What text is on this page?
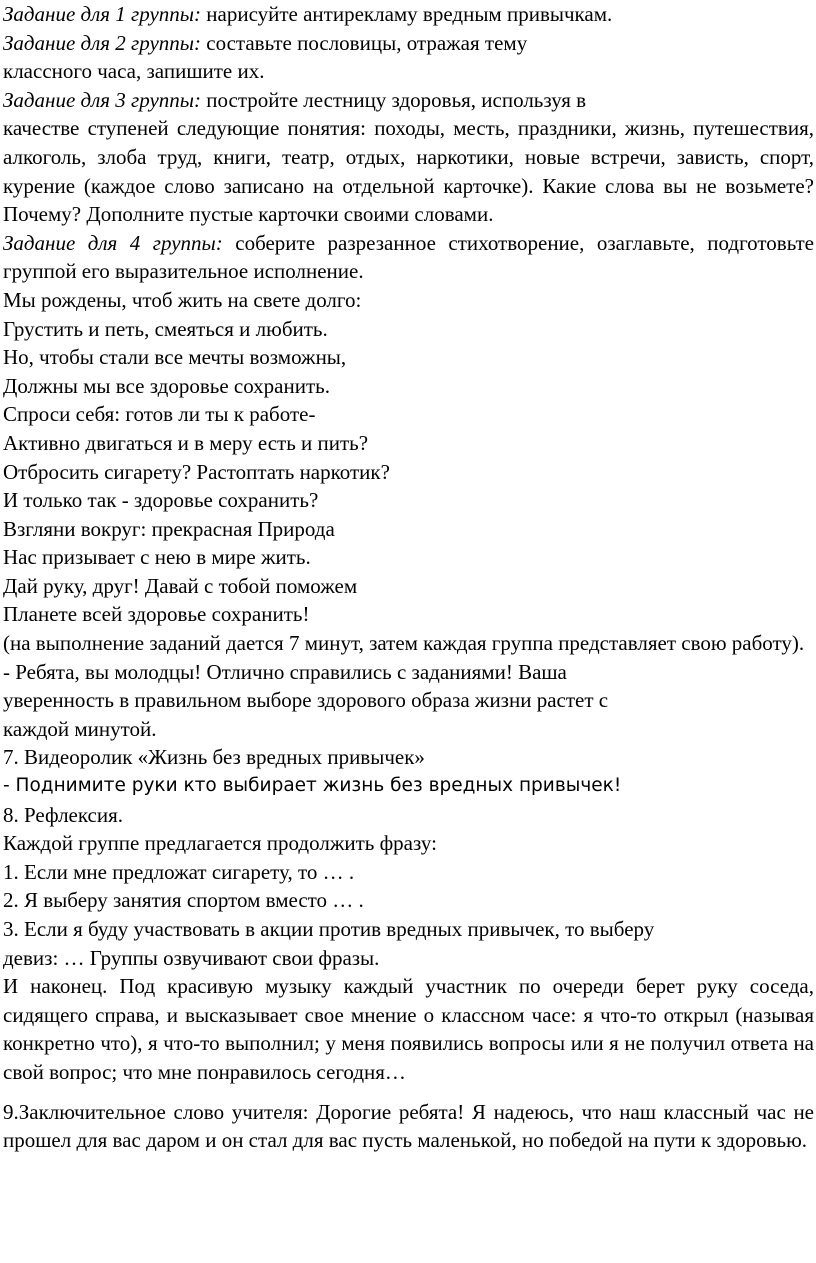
Задание для 1 группы: нарисуйте антирекламу вредным привычкам.

Задание для 2 группы: составьте пословицы, отражая тему

классного часа, запишите их.

Задание для 3 группы: постройте лестницу здоровья, используя в

качестве ступеней следующие понятия: походы, месть, праздники, жизнь, путешествия, алкоголь, злоба труд, книги, театр, отдых, наркотики, новые встречи, зависть, спорт, курение (каждое слово записано на отдельной карточке). Какие слова вы не возьмете? Почему? Дополните пустые карточки своими словами.

Задание для 4 группы: соберите разрезанное стихотворение, озаглавьте, подготовьте группой его выразительное исполнение.

Мы рождены, чтоб жить на свете долго:

Грустить и петь, смеяться и любить.

Но, чтобы стали все мечты возможны,

Должны мы все здоровье сохранить.

Спроси себя: готов ли ты к работе-

Активно двигаться и в меру есть и пить?

Отбросить сигарету? Растоптать наркотик?

И только так - здоровье сохранить?

Взгляни вокруг: прекрасная Природа

Нас призывает с нею в мире жить.

Дай руку, друг! Давай с тобой поможем

Планете всей здоровье сохранить!

(на выполнение заданий дается 7 минут, затем каждая группа представляет свою работу).

- Ребята, вы молодцы! Отлично справились с заданиями! Ваша

уверенность в правильном выборе здорового образа жизни растет с

каждой минутой.

7. Видеоролик «Жизнь без вредных привычек»

- Поднимите руки кто выбирает жизнь без вредных привычек!

8. Рефлексия.

Каждой группе предлагается продолжить фразу:

1. Если мне предложат сигарету, то … .

2. Я выберу занятия спортом вместо … .

3. Если я буду участвовать в акции против вредных привычек, то выберу

девиз: … Группы озвучивают свои фразы.

И наконец. Под красивую музыку каждый участник по очереди берет руку соседа, сидящего справа, и высказывает свое мнение о классном часе: я что-то открыл (называя конкретно что), я что-то выполнил; у меня появились вопросы или я не получил ответа на свой вопрос; что мне понравилось сегодня…

9.Заключительное слово учителя: Дорогие ребята! Я надеюсь, что наш классный час не прошел для вас даром и он стал для вас пусть маленькой, но победой на пути к здоровью.
